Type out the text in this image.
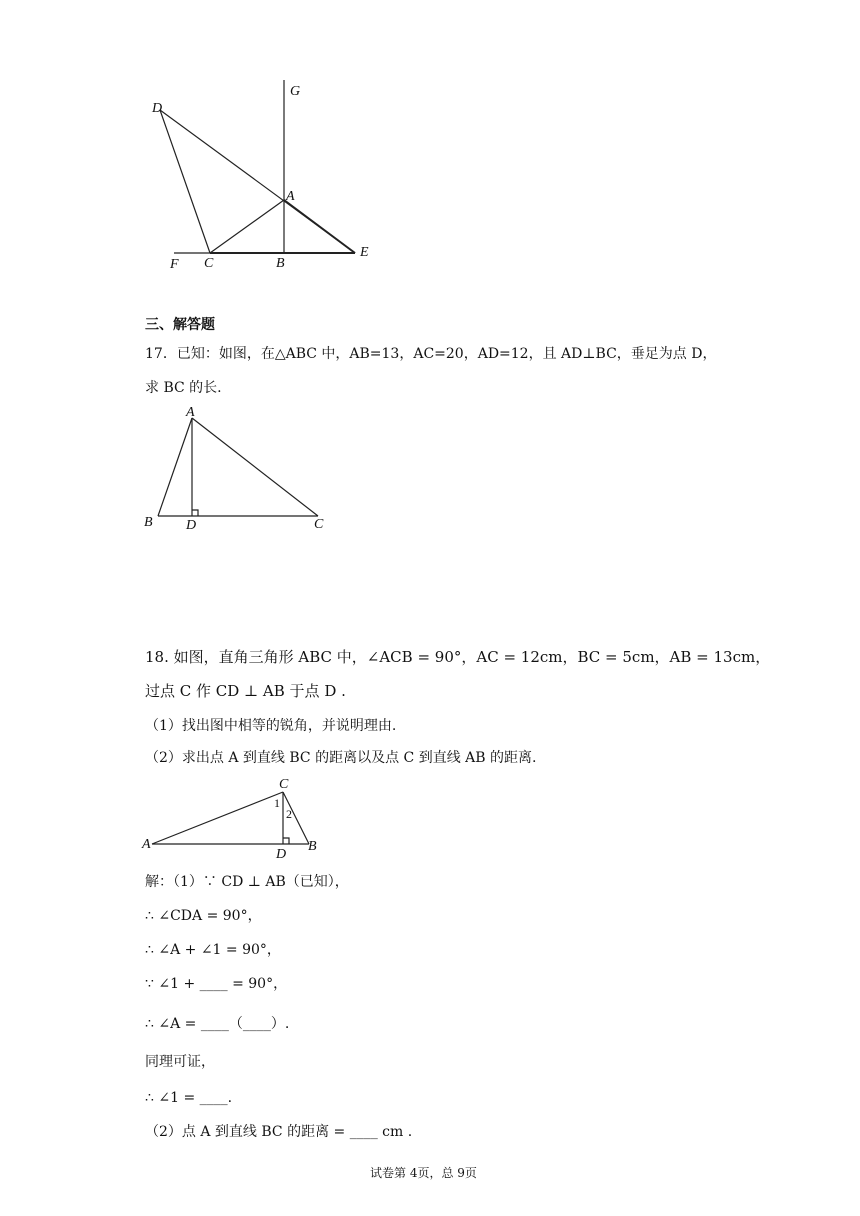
G
D
A
E
F C	B
三、解答题
17．已知：如图，在△ABC 中，AB=13，AC=20，AD=12，且 AD⊥BC，垂足为点 D，
求 BC 的长.
A
B D	C
18. 如图，直角三角形 ABC 中，∠ACB = 90°，AC = 12cm，BC = 5cm，AB = 13cm，
过点 C 作 CD ⊥ AB 于点 D .
（1）找出图中相等的锐角，并说明理由.
（2）求出点 A 到直线 BC 的距离以及点 C 到直线 AB 的距离.
C
A
D
B
1
2
解：（1）∵ CD ⊥ AB（已知），
∴ ∠CDA = 90°，
∴ ∠A + ∠1 = 90°，
∵ ∠1 + ____ = 90°，
∴ ∠A = ____（____）.
同理可证，
∴ ∠1 = ____.
（2）点 A 到直线 BC 的距离 = ____ cm .
试卷第 4页，总 9页
